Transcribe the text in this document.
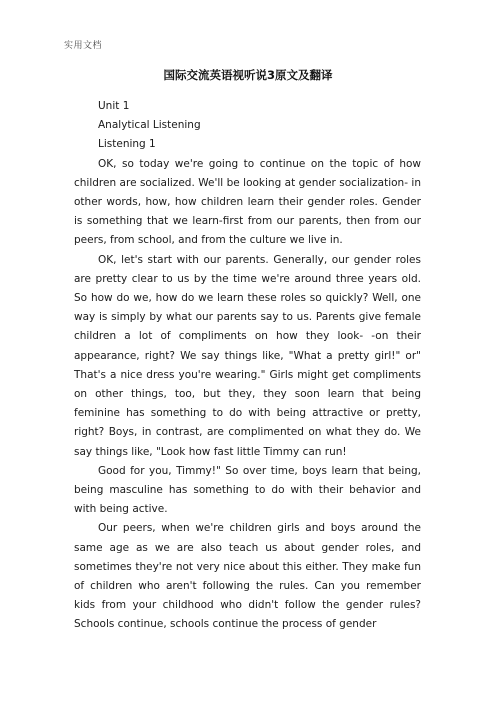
实用文档
国际交流英语视听说3原文及翻译

Unit 1

Analytical Listening

Listening 1

OK, so today we're going to continue on the topic of how children are socialized. We'll be looking at gender socialization- in other words, how, how children learn their gender roles. Gender is something that we learn-first from our parents, then from our peers, from school, and from the culture we live in.

OK, let's start with our parents. Generally, our gender roles are pretty clear to us by the time we're around three years old. So how do we, how do we learn these roles so quickly? Well, one way is simply by what our parents say to us. Parents give female children a lot of compliments on how they look- -on their appearance, right? We say things like, "What a pretty girl!" or" That's a nice dress you're wearing." Girls might get compliments on other things, too, but they, they soon learn that being feminine has something to do with being attractive or pretty, right? Boys, in contrast, are complimented on what they do. We say things like, "Look how fast little Timmy can run!

Good for you, Timmy!" So over time, boys learn that being, being masculine has something to do with their behavior and with being active.

Our peers, when we're children girls and boys around the same age as we are also teach us about gender roles, and sometimes they're not very nice about this either. They make fun of children who aren't following the rules. Can you remember kids from your childhood who didn't follow the gender rules? Schools continue, schools continue the process of gender
